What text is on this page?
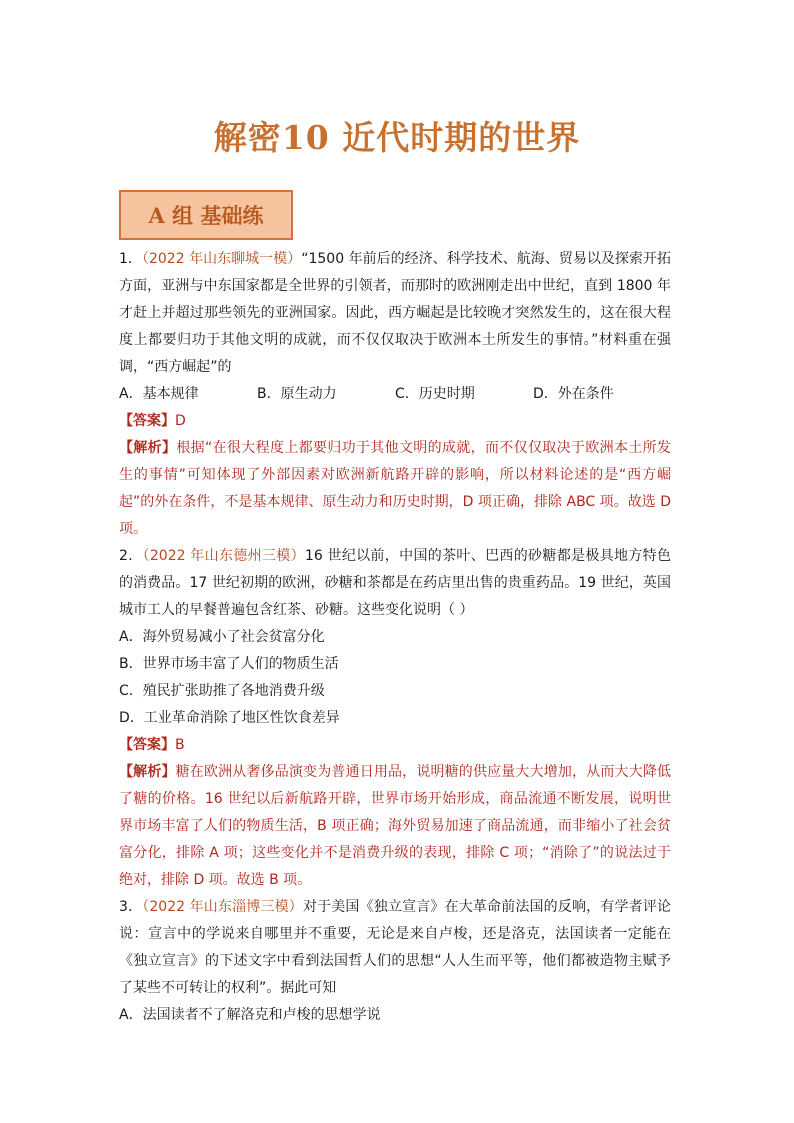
解密10 近代时期的世界
A 组 基础练

1．（2022 年山东聊城一模）“1500 年前后的经济、科学技术、航海、贸易以及探索开拓方面，亚洲与中东国家都是全世界的引领者，而那时的欧洲刚走出中世纪，直到 1800 年才赶上并超过那些领先的亚洲国家。因此，西方崛起是比较晚才突然发生的，这在很大程度上都要归功于其他文明的成就，而不仅仅取决于欧洲本土所发生的事情。”材料重在强调，“西方崛起”的

A．基本规律	B．原生动力	C．历史时期	D．外在条件

【答案】D

【解析】根据“在很大程度上都要归功于其他文明的成就，而不仅仅取决于欧洲本土所发生的事情”可知体现了外部因素对欧洲新航路开辟的影响，所以材料论述的是“西方崛起”的外在条件，不是基本规律、原生动力和历史时期，D 项正确，排除 ABC 项。故选 D 项。

2．（2022 年山东德州三模）16 世纪以前，中国的茶叶、巴西的砂糖都是极具地方特色的消费品。17 世纪初期的欧洲，砂糖和茶都是在药店里出售的贵重药品。19 世纪，英国城市工人的早餐普遍包含红茶、砂糖。这些变化说明（ ）

A．海外贸易减小了社会贫富分化

B．世界市场丰富了人们的物质生活

C．殖民扩张助推了各地消费升级

D．工业革命消除了地区性饮食差异

【答案】B

【解析】糖在欧洲从奢侈品演变为普通日用品，说明糖的供应量大大增加，从而大大降低了糖的价格。16 世纪以后新航路开辟，世界市场开始形成，商品流通不断发展，说明世界市场丰富了人们的物质生活，B 项正确；海外贸易加速了商品流通，而非缩小了社会贫富分化，排除 A 项；这些变化并不是消费升级的表现，排除 C 项；“消除了”的说法过于绝对，排除 D 项。故选 B 项。

3．（2022 年山东淄博三模）对于美国《独立宣言》在大革命前法国的反响，有学者评论说：宣言中的学说来自哪里并不重要，无论是来自卢梭，还是洛克，法国读者一定能在《独立宣言》的下述文字中看到法国哲人们的思想“人人生而平等，他们都被造物主赋予了某些不可转让的权利”。据此可知

A．法国读者不了解洛克和卢梭的思想学说
